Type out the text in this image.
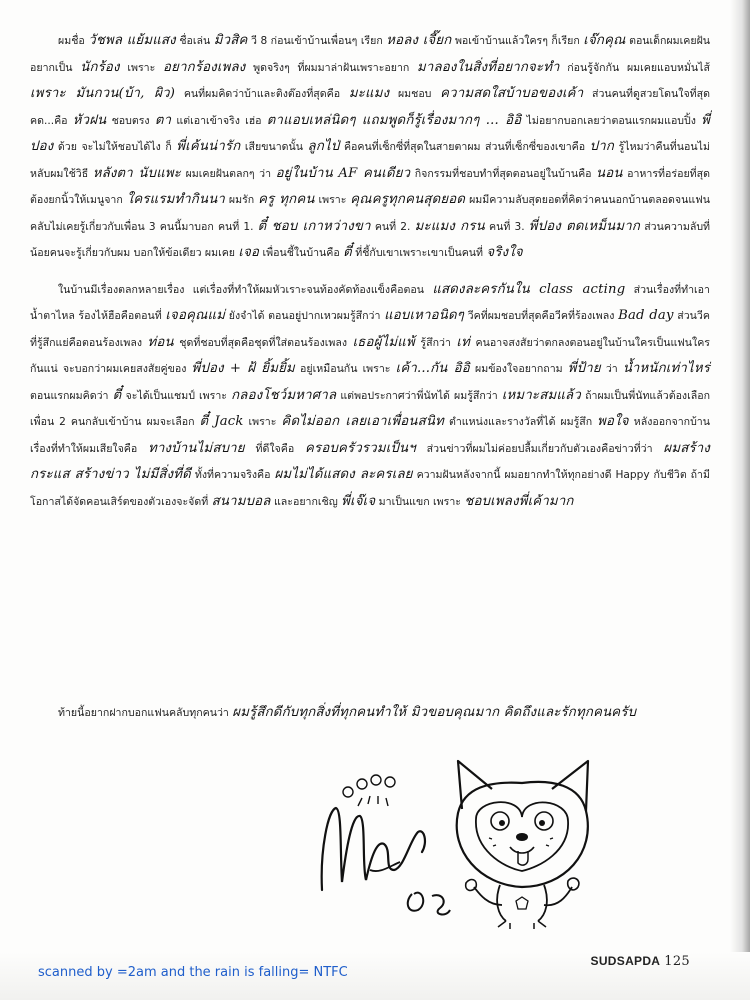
ผมชื่อ วัชพล แย้มแสง ชื่อเล่น มิวสิค วี 8 ก่อนเข้าบ้านเพื่อนๆ เรียก หอลง เจี๊ยก พอเข้าบ้านแล้วใครๆ ก็เรียก เจ๊กคุณ ตอนเด็กผมเคยฝันอยากเป็น นักร้อง เพราะ อยากร้องเพลง พูดจริงๆ ที่ผมมาล่าฝันเพราะอยาก มาลองในสิ่งที่อยากจะทำ ก่อนรู้จักกัน ผมเคยแอบหมั่นไส้ เพราะ มันกวน(บ้า, ผิว) คนที่ผมคิดว่าบ้าและติงต๊องที่สุดคือ มะแมง ผมชอบ ความสดใสบ้าบอของเค้า ส่วนคนที่ดูสวยโดนใจที่สุดคด...คือ หัวฝน ชอบตรง ตา แต่เอาเข้าจริง เฮ่อ ตาแอบเหล่นิดๆ แถมพูดก็รู้เรื่องมากๆ ... อิอิ ไม่อยากบอกเลยว่าตอนแรกผมแอบปิ้ง พี่ปอง ด้วย จะไม่ให้ชอบได้ไง ก็ พี่เค้นน่ารัก เสียขนาดนั้น ลูกไป่ คือคนที่เซ็กซี่ที่สุดในสายตาผม ส่วนที่เซ็กซี่ของเขาคือ ปาก รู้ไหมว่าคืนที่นอนไม่หลับผมใช้วิธี หลังตา นับแพะ ผมเคยฝันตลกๆ ว่า อยู่ในบ้าน AF คนเดียว กิจกรรมที่ชอบทำที่สุดตอนอยู่ในบ้านคือ นอน อาหารที่อร่อยที่สุดต้องยกนิ้วให้เมนูจาก ใครแรมทำกินนา ผมรัก ครู ทุกคน เพราะ คุณครูทุกคนสุดยอด ผมมีความลับสุดยอดที่คิดว่าคนนอกบ้านตลอดจนแฟนคลับไม่เคยรู้เกี่ยวกับเพื่อน 3 คนนี้มาบอก คนที่ 1. ตี๋ ชอบ เกาหว่างขา คนที่ 2. มะแมง กรน คนที่ 3. พี่ปอง ตดเหม็นมาก ส่วนความลับที่น้อยคนจะรู้เกี่ยวกับผม บอกให้ข้อเดียว ผมเคย เจอ เพื่อนชี้ในบ้านคือ ตี๋ ที่ชี้กับเขาเพราะเขาเป็นคนที่ จริงใจ

ในบ้านมีเรื่องตลกหลายเรื่อง แต่เรื่องที่ทำให้ผมหัวเราะจนท้องคัดท้องแข็งคือตอน แสดงละครกันใน class acting ส่วนเรื่องที่ทำเอาน้ำตาไหล ร้องไห้ฮือคือตอนที่ เจอคุณแม่ ยังจำได้ ตอนอยู่ปากเหวผมรู้สึกว่า แอบเหาอนิดๆ วีคที่ผมชอบที่สุดคือวีคที่ร้องเพลง Bad day ส่วนวีคที่รู้สึกแย่คือตอนร้องเพลง ท่อน ชุดที่ชอบที่สุดคือชุดที่ใส่ตอนร้องเพลง เธอผู้ไม่แพ้ รู้สึกว่า เท่ คนอาจสงสัยว่าตกลงตอนอยู่ในบ้านใครเป็นแฟนใครกันแน่ จะบอกว่าผมเคยสงสัยคู่ของ พี่ปอง + ฝ้ ยิ้มยิ้ม อยู่เหมือนกัน เพราะ เค้า...กัน อิอิ ผมข้องใจอยากถาม พี่ป้าย ว่า น้ำหนักเท่าไหร่ ตอนแรกผมคิดว่า ตี๋ จะได้เป็นแชมป์ เพราะ กลองโชว์มหาศาล แต่พอประกาศว่าพี่นัทได้ ผมรู้สึกว่า เหมาะสมแล้ว ถ้าผมเป็นพี่นัทแล้วต้องเลือกเพื่อน 2 คนกลับเข้าบ้าน ผมจะเลือก ตี๋ Jack เพราะ คิดไม่ออก เลยเอาเพื่อนสนิท ตำแหน่งและรางวัลที่ได้ ผมรู้สึก พอใจ หลังออกจากบ้าน เรื่องที่ทำให้ผมเสียใจคือ ทางบ้านไม่สบาย ที่ดีใจคือ ครอบครัวรวมเป็นฯ ส่วนข่าวที่ผมไม่ค่อยปลื้มเกี่ยวกับตัวเองคือข่าวที่ว่า ผมสร้างกระแส สร้างข่าว ไม่มีสิ่งที่ดี ทั้งที่ความจริงคือ ผมไม่ได้แสดง ละครเลย ความฝันหลังจากนี้ ผมอยากทำให้ทุกอย่างดี Happy กับชีวิต ถ้ามีโอกาสได้จัดคอนเสิร์ตของตัวเองจะจัดที่ สนามบอล และอยากเชิญ พี่เจ๊เจ มาเป็นแขก เพราะ ชอบเพลงพี่เค้ามาก

ท้ายนี้อยากฝากบอกแฟนคลับทุกคนว่า ผมรู้สึกดีกับทุกสิ่งที่ทุกคนทำให้ มิวขอบคุณมาก คิดถึงและรักทุกคนครับ

SUDSAPDA 125
scanned by =2am and the rain is falling= NTFC
